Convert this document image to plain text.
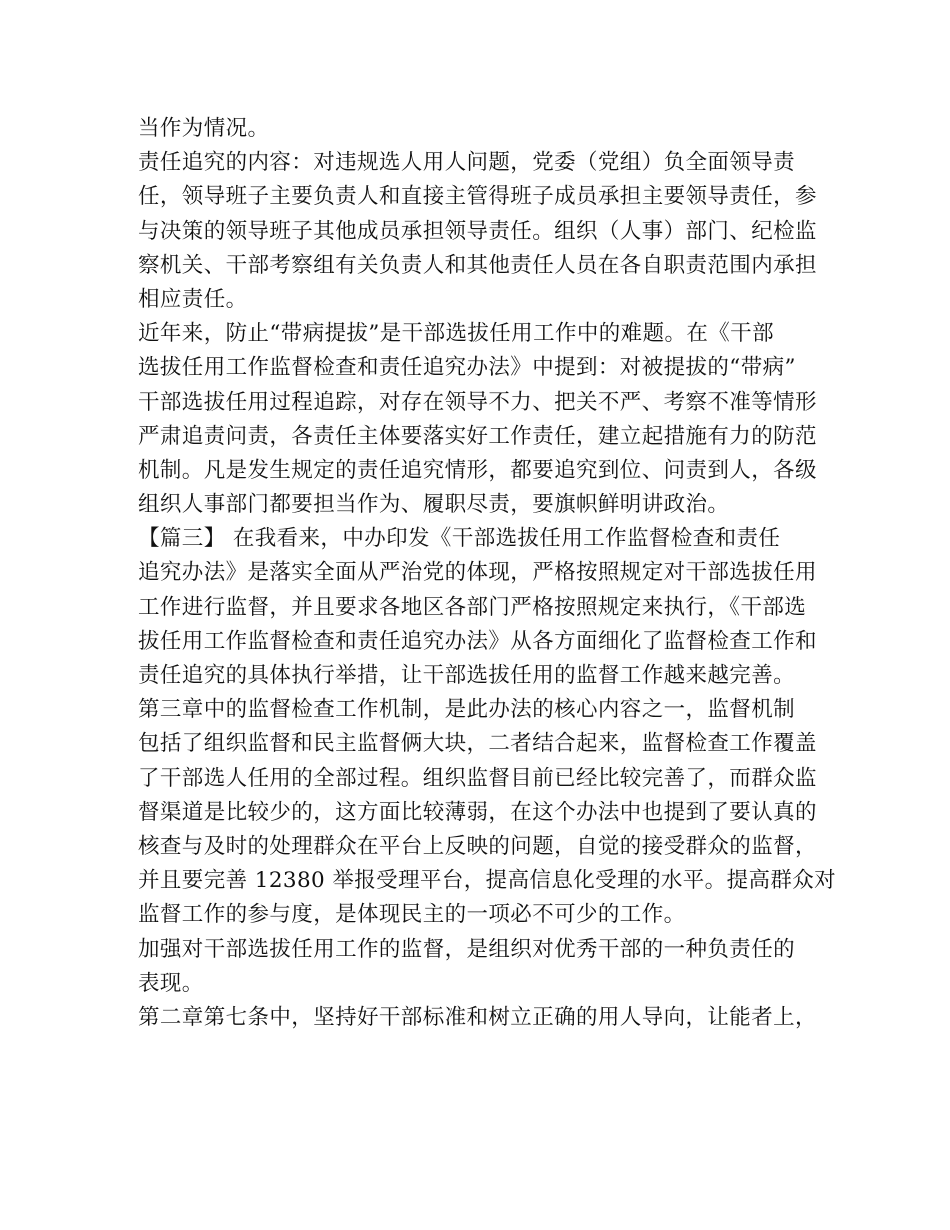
当作为情况。
责任追究的内容：对违规选人用人问题，党委（党组）负全面领导责
任，领导班子主要负责人和直接主管得班子成员承担主要领导责任，参
与决策的领导班子其他成员承担领导责任。组织（人事）部门、纪检监
察机关、干部考察组有关负责人和其他责任人员在各自职责范围内承担
相应责任。
近年来，防止“带病提拔”是干部选拔任用工作中的难题。在《干部
选拔任用工作监督检查和责任追究办法》中提到：对被提拔的“带病”
干部选拔任用过程追踪，对存在领导不力、把关不严、考察不准等情形
严肃追责问责，各责任主体要落实好工作责任，建立起措施有力的防范
机制。凡是发生规定的责任追究情形，都要追究到位、问责到人，各级
组织人事部门都要担当作为、履职尽责，要旗帜鲜明讲政治。
【篇三】 在我看来，中办印发《干部选拔任用工作监督检查和责任
追究办法》是落实全面从严治党的体现，严格按照规定对干部选拔任用
工作进行监督，并且要求各地区各部门严格按照规定来执行，《干部选
拔任用工作监督检查和责任追究办法》从各方面细化了监督检查工作和
责任追究的具体执行举措，让干部选拔任用的监督工作越来越完善。
第三章中的监督检查工作机制，是此办法的核心内容之一，监督机制
包括了组织监督和民主监督俩大块，二者结合起来，监督检查工作覆盖
了干部选人任用的全部过程。组织监督目前已经比较完善了，而群众监
督渠道是比较少的，这方面比较薄弱，在这个办法中也提到了要认真的
核查与及时的处理群众在平台上反映的问题，自觉的接受群众的监督，
并且要完善 12380 举报受理平台，提高信息化受理的水平。提高群众对
监督工作的参与度，是体现民主的一项必不可少的工作。
加强对干部选拔任用工作的监督，是组织对优秀干部的一种负责任的
表现。
第二章第七条中，坚持好干部标准和树立正确的用人导向，让能者上，
